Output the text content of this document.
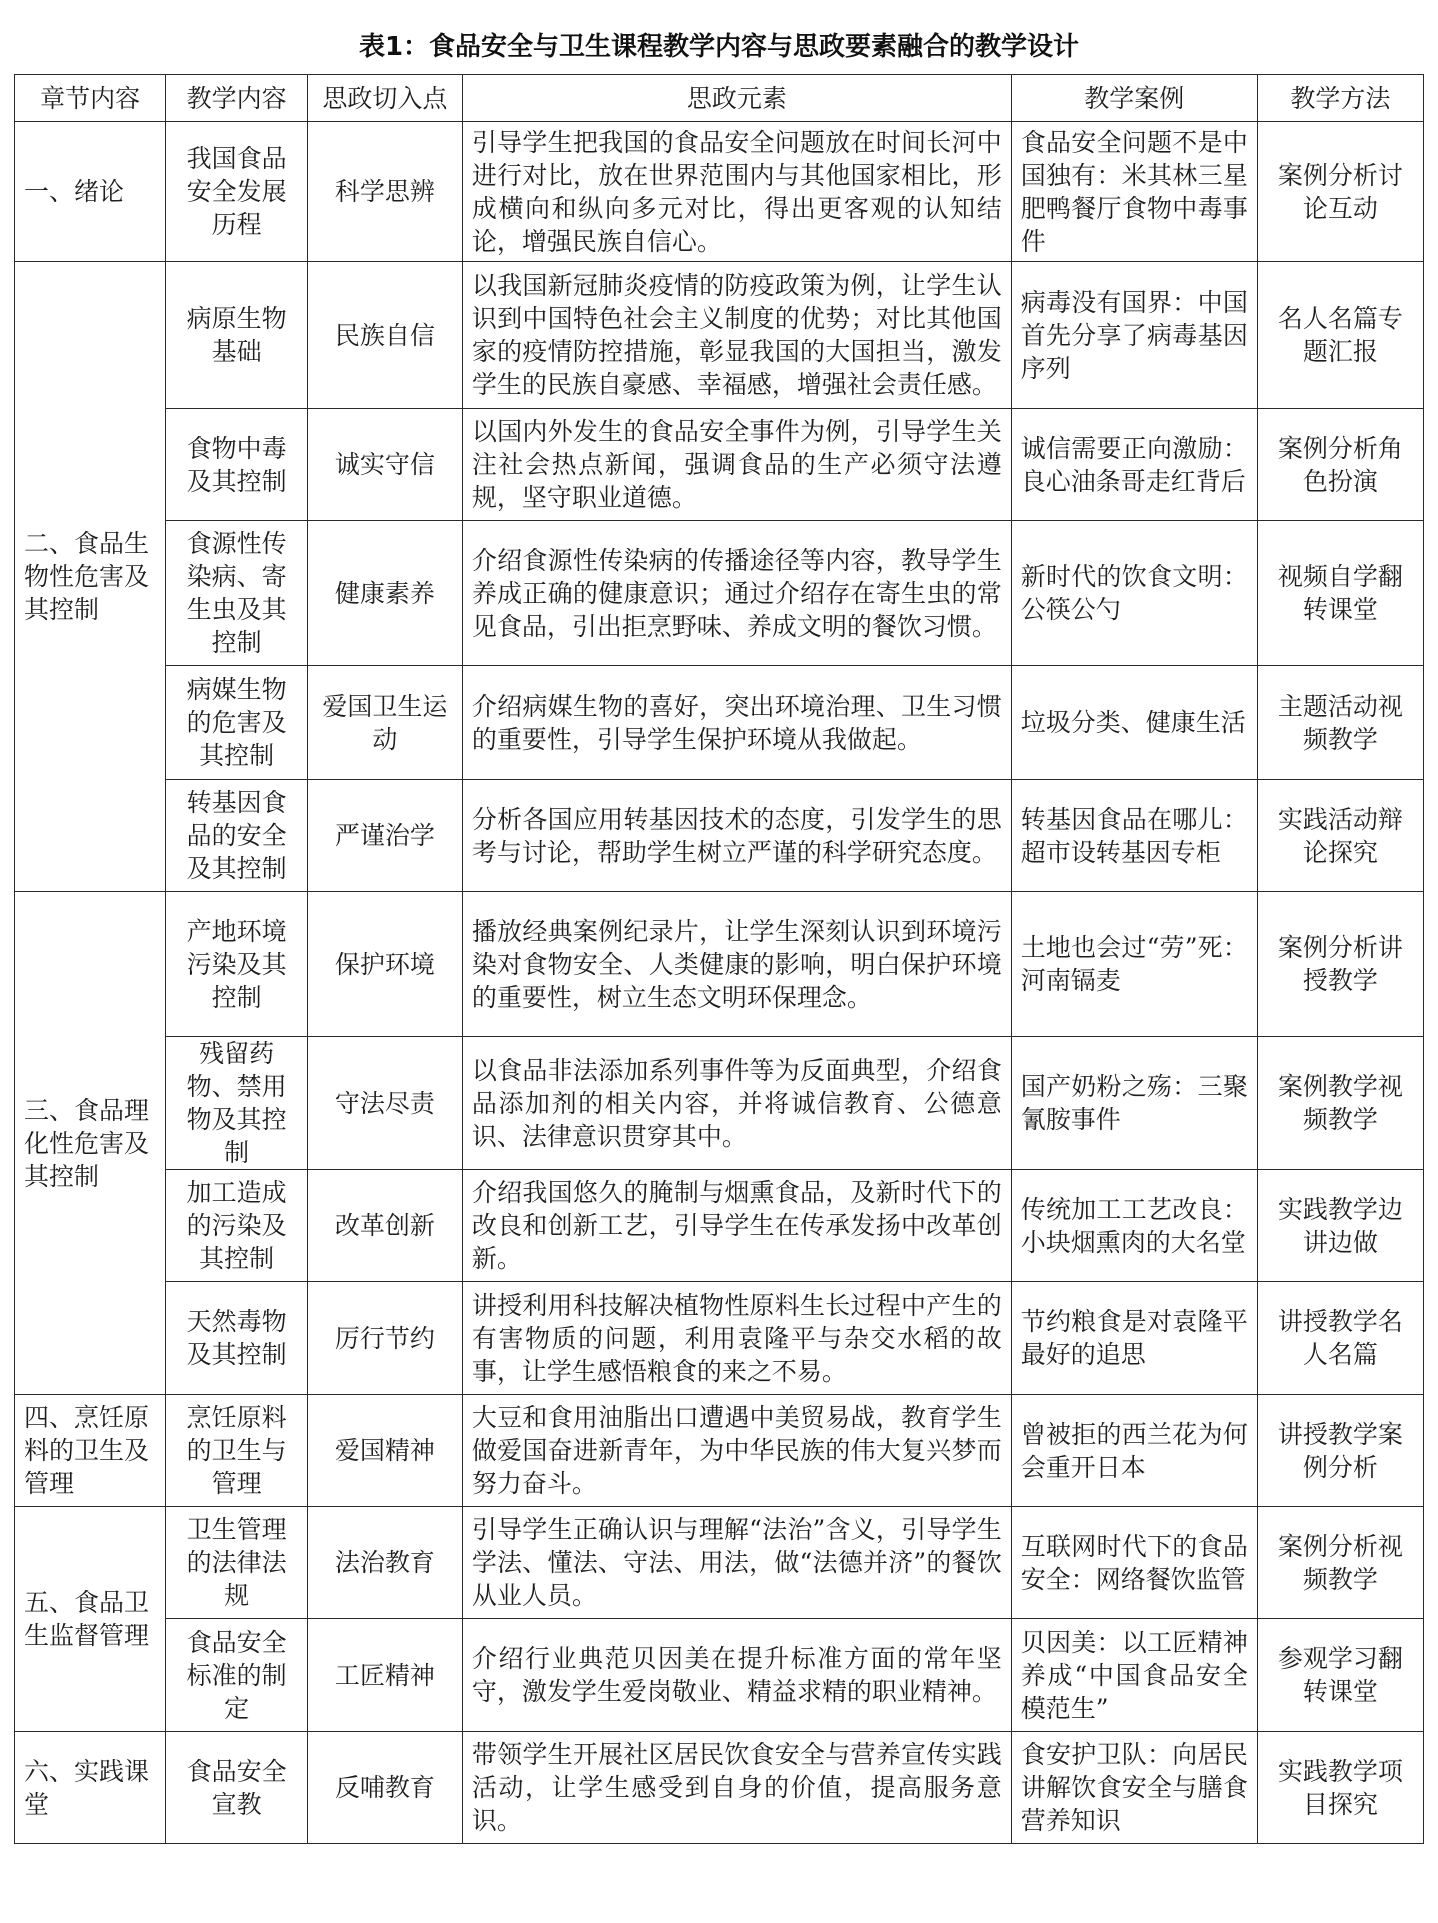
表1：食品安全与卫生课程教学内容与思政要素融合的教学设计
章节内容	教学内容	思政切入点	思政元素	教学案例	教学方法
一、绪论	我国食品安全发展历程	科学思辨	引导学生把我国的食品安全问题放在时间长河中进行对比，放在世界范围内与其他国家相比，形成横向和纵向多元对比，得出更客观的认知结论，增强民族自信心。	食品安全问题不是中国独有：米其林三星肥鸭餐厅食物中毒事件	案例分析讨论互动
二、食品生物性危害及其控制	病原生物基础	民族自信	以我国新冠肺炎疫情的防疫政策为例，让学生认识到中国特色社会主义制度的优势；对比其他国家的疫情防控措施，彰显我国的大国担当，激发学生的民族自豪感、幸福感，增强社会责任感。	病毒没有国界：中国首先分享了病毒基因序列	名人名篇专题汇报
	食物中毒及其控制	诚实守信	以国内外发生的食品安全事件为例，引导学生关注社会热点新闻，强调食品的生产必须守法遵规，坚守职业道德。	诚信需要正向激励：良心油条哥走红背后	案例分析角色扮演
	食源性传染病、寄生虫及其控制	健康素养	介绍食源性传染病的传播途径等内容，教导学生养成正确的健康意识；通过介绍存在寄生虫的常见食品，引出拒烹野味、养成文明的餐饮习惯。	新时代的饮食文明：公筷公勺	视频自学翻转课堂
	病媒生物的危害及其控制	爱国卫生运动	介绍病媒生物的喜好，突出环境治理、卫生习惯的重要性，引导学生保护环境从我做起。	垃圾分类、健康生活	主题活动视频教学
	转基因食品的安全及其控制	严谨治学	分析各国应用转基因技术的态度，引发学生的思考与讨论，帮助学生树立严谨的科学研究态度。	转基因食品在哪儿：超市设转基因专柜	实践活动辩论探究
三、食品理化性危害及其控制	产地环境污染及其控制	保护环境	播放经典案例纪录片，让学生深刻认识到环境污染对食物安全、人类健康的影响，明白保护环境的重要性，树立生态文明环保理念。	土地也会过“劳”死：河南镉麦	案例分析讲授教学
	残留药物、禁用物及其控制	守法尽责	以食品非法添加系列事件等为反面典型，介绍食品添加剂的相关内容，并将诚信教育、公德意识、法律意识贯穿其中。	国产奶粉之殇：三聚氰胺事件	案例教学视频教学
	加工造成的污染及其控制	改革创新	介绍我国悠久的腌制与烟熏食品，及新时代下的改良和创新工艺，引导学生在传承发扬中改革创新。	传统加工工艺改良：小块烟熏肉的大名堂	实践教学边讲边做
	天然毒物及其控制	厉行节约	讲授利用科技解决植物性原料生长过程中产生的有害物质的问题，利用袁隆平与杂交水稻的故事，让学生感悟粮食的来之不易。	节约粮食是对袁隆平最好的追思	讲授教学名人名篇
四、烹饪原料的卫生及管理	烹饪原料的卫生与管理	爱国精神	大豆和食用油脂出口遭遇中美贸易战，教育学生做爱国奋进新青年，为中华民族的伟大复兴梦而努力奋斗。	曾被拒的西兰花为何会重开日本	讲授教学案例分析
五、食品卫生监督管理	卫生管理的法律法规	法治教育	引导学生正确认识与理解“法治”含义，引导学生学法、懂法、守法、用法，做“法德并济”的餐饮从业人员。	互联网时代下的食品安全：网络餐饮监管	案例分析视频教学
	食品安全标准的制定	工匠精神	介绍行业典范贝因美在提升标准方面的常年坚守，激发学生爱岗敬业、精益求精的职业精神。	贝因美：以工匠精神养成“中国食品安全模范生”	参观学习翻转课堂
六、实践课堂	食品安全宣教	反哺教育	带领学生开展社区居民饮食安全与营养宣传实践活动，让学生感受到自身的价值，提高服务意识。	食安护卫队：向居民讲解饮食安全与膳食营养知识	实践教学项目探究
